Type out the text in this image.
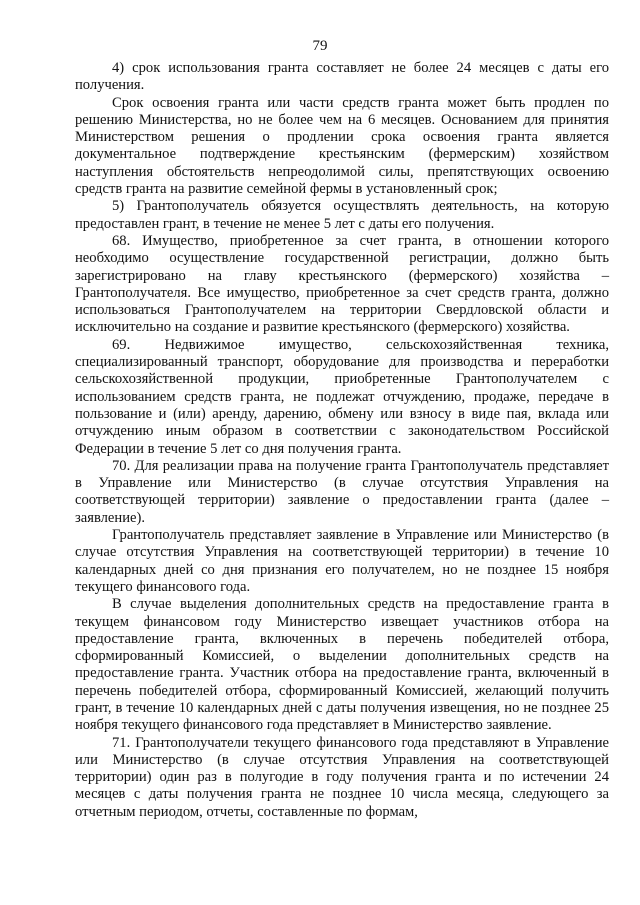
79

4) срок использования гранта составляет не более 24 месяцев с даты его получения.

Срок освоения гранта или части средств гранта может быть продлен по решению Министерства, но не более чем на 6 месяцев. Основанием для принятия Министерством решения о продлении срока освоения гранта является документальное подтверждение крестьянским (фермерским) хозяйством наступления обстоятельств непреодолимой силы, препятствующих освоению средств гранта на развитие семейной фермы в установленный срок;

5) Грантополучатель обязуется осуществлять деятельность, на которую предоставлен грант, в течение не менее 5 лет с даты его получения.

68. Имущество, приобретенное за счет гранта, в отношении которого необходимо осуществление государственной регистрации, должно быть зарегистрировано на главу крестьянского (фермерского) хозяйства – Грантополучателя. Все имущество, приобретенное за счет средств гранта, должно использоваться Грантополучателем на территории Свердловской области и исключительно на создание и развитие крестьянского (фермерского) хозяйства.

69. Недвижимое имущество, сельскохозяйственная техника, специализированный транспорт, оборудование для производства и переработки сельскохозяйственной продукции, приобретенные Грантополучателем с использованием средств гранта, не подлежат отчуждению, продаже, передаче в пользование и (или) аренду, дарению, обмену или взносу в виде пая, вклада или отчуждению иным образом в соответствии с законодательством Российской Федерации в течение 5 лет со дня получения гранта.

70. Для реализации права на получение гранта Грантополучатель представляет в Управление или Министерство (в случае отсутствия Управления на соответствующей территории) заявление о предоставлении гранта (далее – заявление).

Грантополучатель представляет заявление в Управление или Министерство (в случае отсутствия Управления на соответствующей территории) в течение 10 календарных дней со дня признания его получателем, но не позднее 15 ноября текущего финансового года.

В случае выделения дополнительных средств на предоставление гранта в текущем финансовом году Министерство извещает участников отбора на предоставление гранта, включенных в перечень победителей отбора, сформированный Комиссией, о выделении дополнительных средств на предоставление гранта. Участник отбора на предоставление гранта, включенный в перечень победителей отбора, сформированный Комиссией, желающий получить грант, в течение 10 календарных дней с даты получения извещения, но не позднее 25 ноября текущего финансового года представляет в Министерство заявление.

71. Грантополучатели текущего финансового года представляют в Управление или Министерство (в случае отсутствия Управления на соответствующей территории) один раз в полугодие в году получения гранта и по истечении 24 месяцев с даты получения гранта не позднее 10 числа месяца, следующего за отчетным периодом, отчеты, составленные по формам,
